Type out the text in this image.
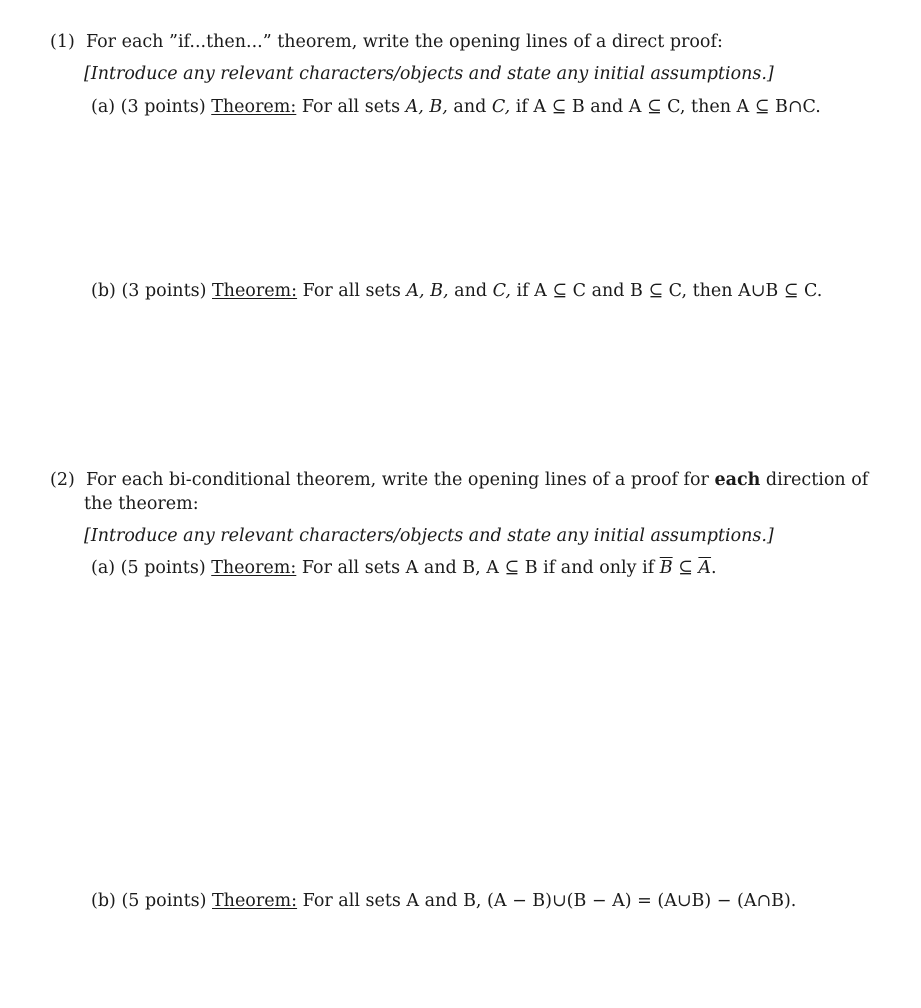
(1) For each ”if...then...” theorem, write the opening lines of a direct proof:
[Introduce any relevant characters/objects and state any initial assumptions.]
(a) (3 points) Theorem: For all sets A, B, and C, if A ⊆ B and A ⊆ C, then A ⊆ B∩C.
(b) (3 points) Theorem: For all sets A, B, and C, if A ⊆ C and B ⊆ C, then A∪B ⊆ C.
(2) For each bi-conditional theorem, write the opening lines of a proof for each direction of
the theorem:
[Introduce any relevant characters/objects and state any initial assumptions.]
(a) (5 points) Theorem: For all sets A and B, A ⊆ B if and only if $\overline{B}$ ⊆ $\overline{A}$.
(b) (5 points) Theorem: For all sets A and B, (A − B)∪(B − A) = (A∪B) − (A∩B).
